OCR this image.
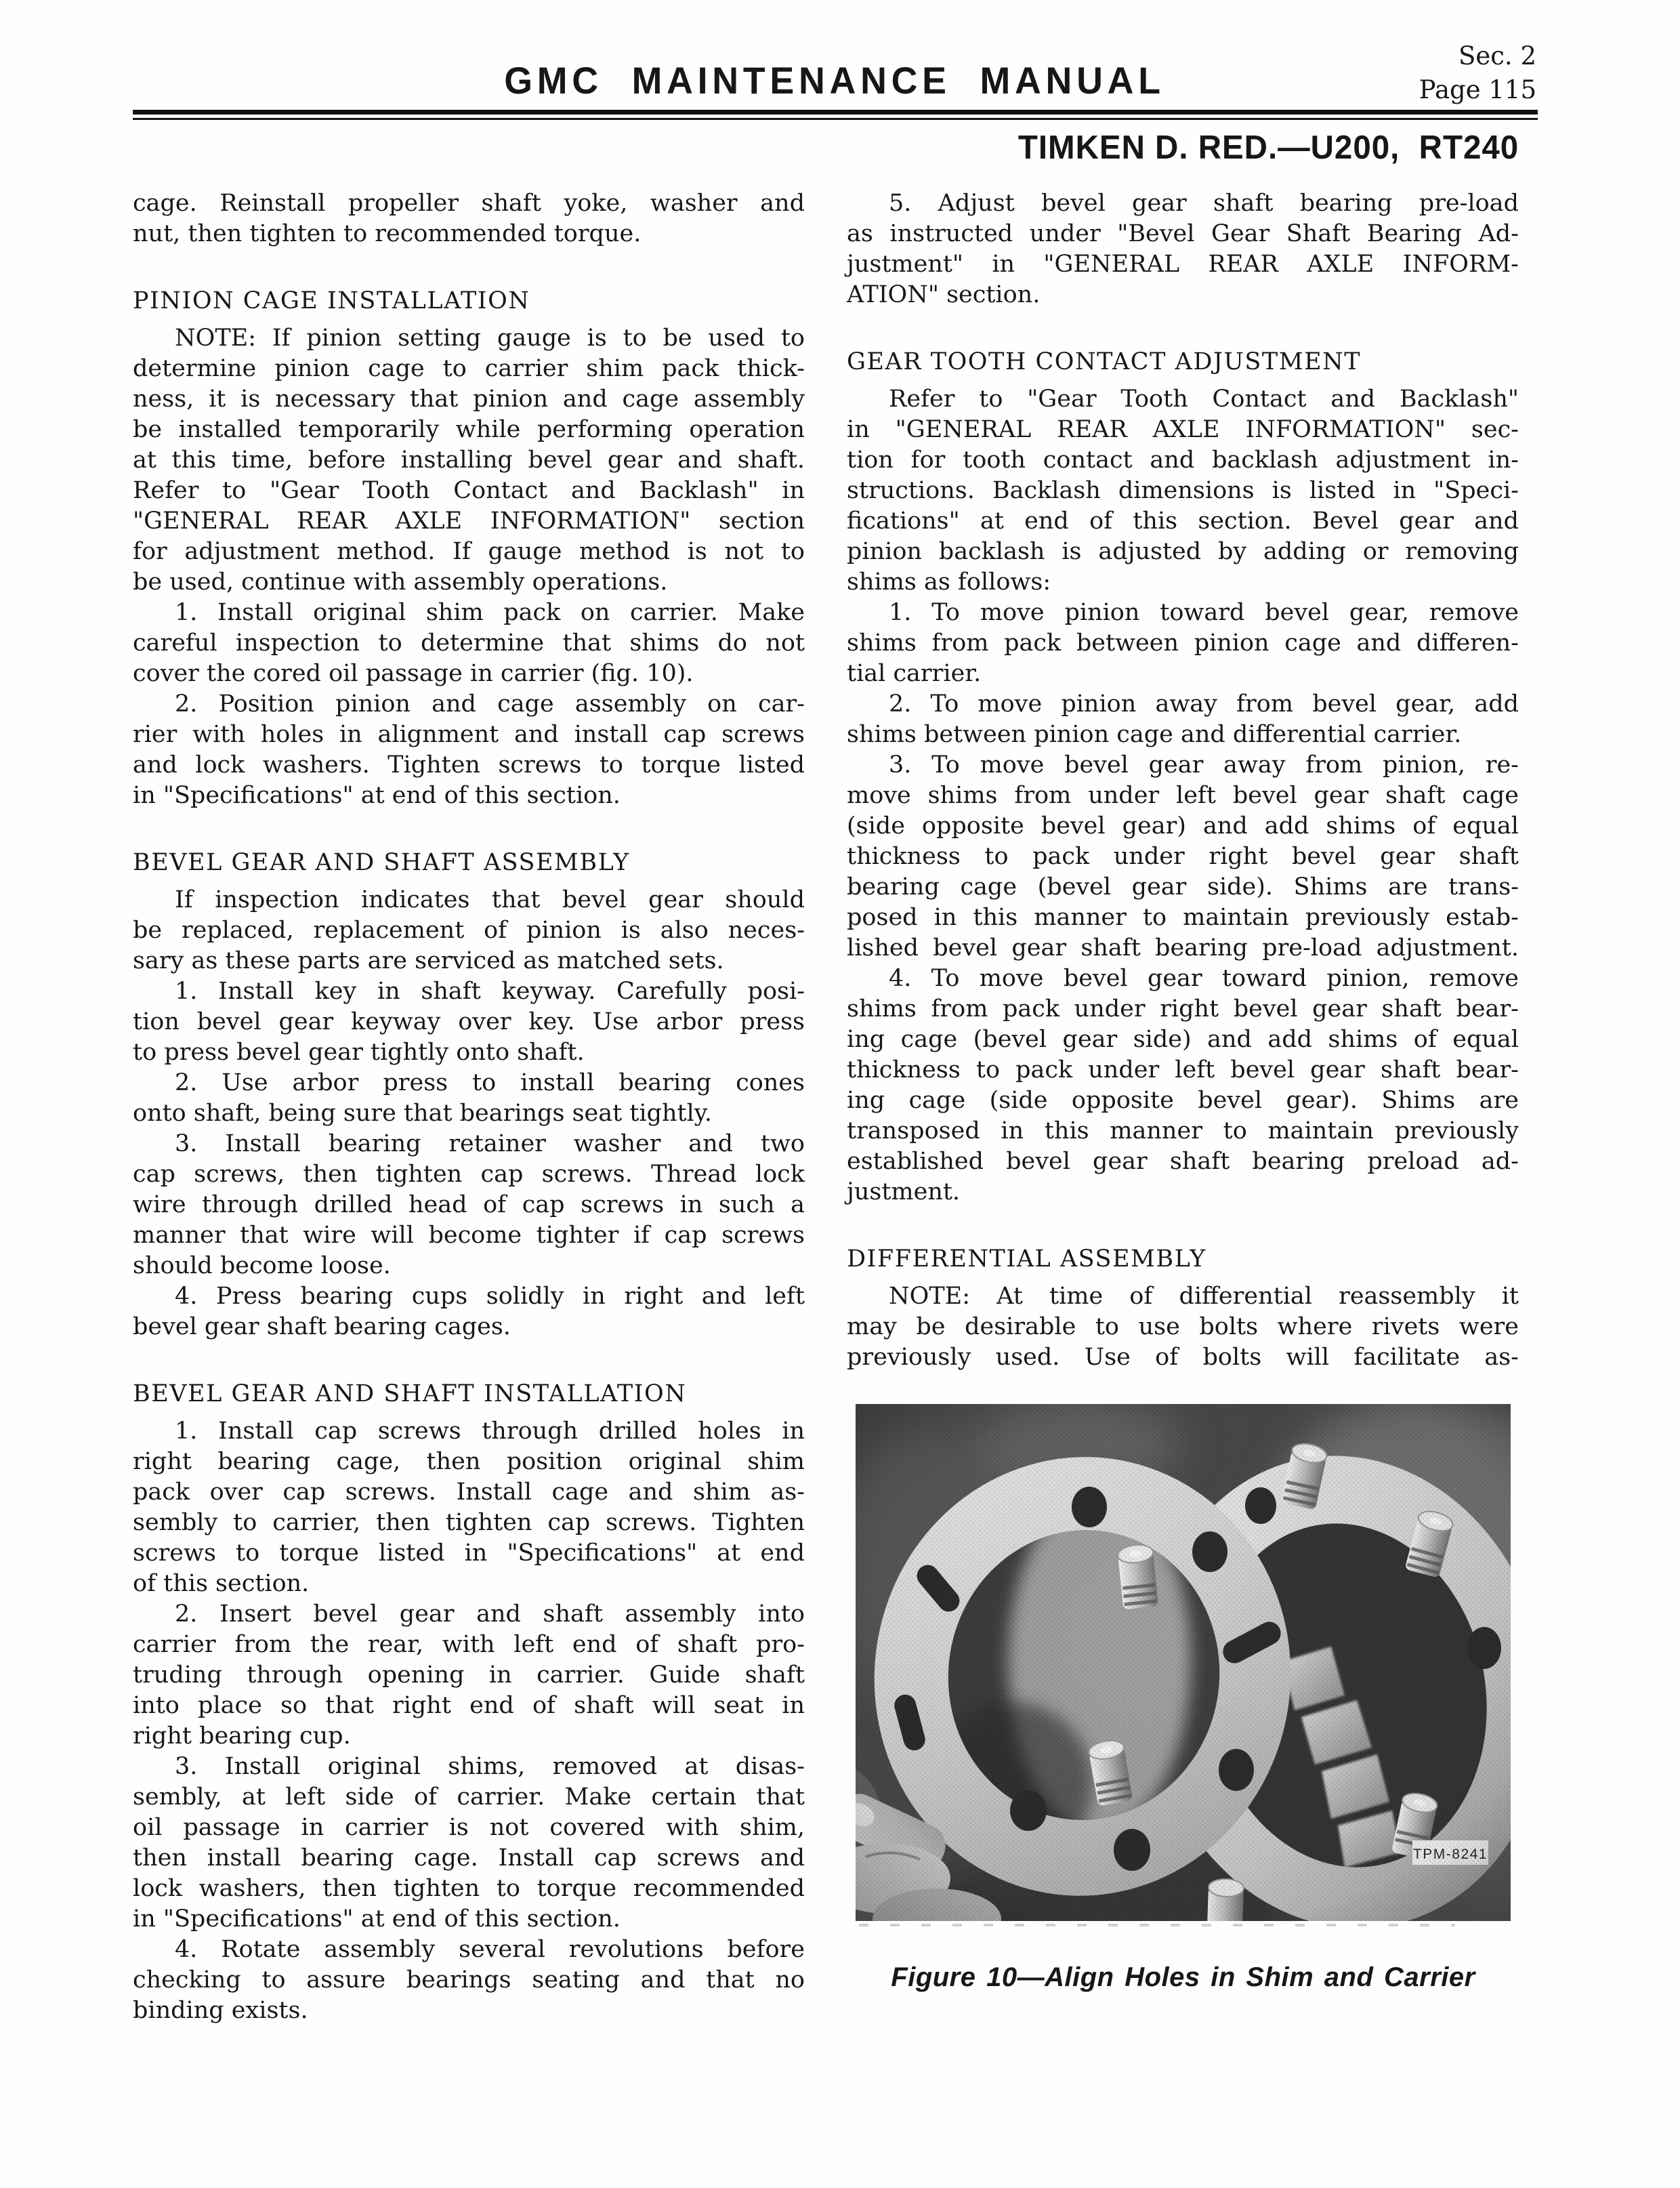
GMC MAINTENANCE MANUAL
Sec. 2
Page 115
TIMKEN D. RED.—U200,  RT240
cage. Reinstall propeller shaft yoke, washer and
nut, then tighten to recommended torque.
PINION CAGE INSTALLATION
NOTE: If pinion setting gauge is to be used to
determine pinion cage to carrier shim pack thick-
ness, it is necessary that pinion and cage assembly
be installed temporarily while performing operation
at this time, before installing bevel gear and shaft.
Refer to "Gear Tooth Contact and Backlash" in
"GENERAL REAR AXLE INFORMATION" section
for adjustment method. If gauge method is not to
be used, continue with assembly operations.
1. Install original shim pack on carrier. Make
careful inspection to determine that shims do not
cover the cored oil passage in carrier (fig. 10).
2. Position pinion and cage assembly on car-
rier with holes in alignment and install cap screws
and lock washers. Tighten screws to torque listed
in "Specifications" at end of this section.
BEVEL GEAR AND SHAFT ASSEMBLY
If inspection indicates that bevel gear should
be replaced, replacement of pinion is also neces-
sary as these parts are serviced as matched sets.
1. Install key in shaft keyway. Carefully posi-
tion bevel gear keyway over key. Use arbor press
to press bevel gear tightly onto shaft.
2. Use arbor press to install bearing cones
onto shaft, being sure that bearings seat tightly.
3. Install bearing retainer washer and two
cap screws, then tighten cap screws. Thread lock
wire through drilled head of cap screws in such a
manner that wire will become tighter if cap screws
should become loose.
4. Press bearing cups solidly in right and left
bevel gear shaft bearing cages.
BEVEL GEAR AND SHAFT INSTALLATION
1. Install cap screws through drilled holes in
right bearing cage, then position original shim
pack over cap screws. Install cage and shim as-
sembly to carrier, then tighten cap screws. Tighten
screws to torque listed in "Specifications" at end
of this section.
2. Insert bevel gear and shaft assembly into
carrier from the rear, with left end of shaft pro-
truding through opening in carrier. Guide shaft
into place so that right end of shaft will seat in
right bearing cup.
3. Install original shims, removed at disas-
sembly, at left side of carrier. Make certain that
oil passage in carrier is not covered with shim,
then install bearing cage. Install cap screws and
lock washers, then tighten to torque recommended
in "Specifications" at end of this section.
4. Rotate assembly several revolutions before
checking to assure bearings seating and that no
binding exists.
5. Adjust bevel gear shaft bearing pre-load
as instructed under "Bevel Gear Shaft Bearing Ad-
justment" in "GENERAL REAR AXLE INFORM-
ATION" section.
GEAR TOOTH CONTACT ADJUSTMENT
Refer to "Gear Tooth Contact and Backlash"
in "GENERAL REAR AXLE INFORMATION" sec-
tion for tooth contact and backlash adjustment in-
structions. Backlash dimensions is listed in "Speci-
fications" at end of this section. Bevel gear and
pinion backlash is adjusted by adding or removing
shims as follows:
1. To move pinion toward bevel gear, remove
shims from pack between pinion cage and differen-
tial carrier.
2. To move pinion away from bevel gear, add
shims between pinion cage and differential carrier.
3. To move bevel gear away from pinion, re-
move shims from under left bevel gear shaft cage
(side opposite bevel gear) and add shims of equal
thickness to pack under right bevel gear shaft
bearing cage (bevel gear side). Shims are trans-
posed in this manner to maintain previously estab-
lished bevel gear shaft bearing pre-load adjustment.
4. To move bevel gear toward pinion, remove
shims from pack under right bevel gear shaft bear-
ing cage (bevel gear side) and add shims of equal
thickness to pack under left bevel gear shaft bear-
ing cage (side opposite bevel gear). Shims are
transposed in this manner to maintain previously
established bevel gear shaft bearing preload ad-
justment.
DIFFERENTIAL ASSEMBLY
NOTE: At time of differential reassembly it
may be desirable to use bolts where rivets were
previously used. Use of bolts will facilitate as-
Figure 10—Align Holes in Shim and Carrier
